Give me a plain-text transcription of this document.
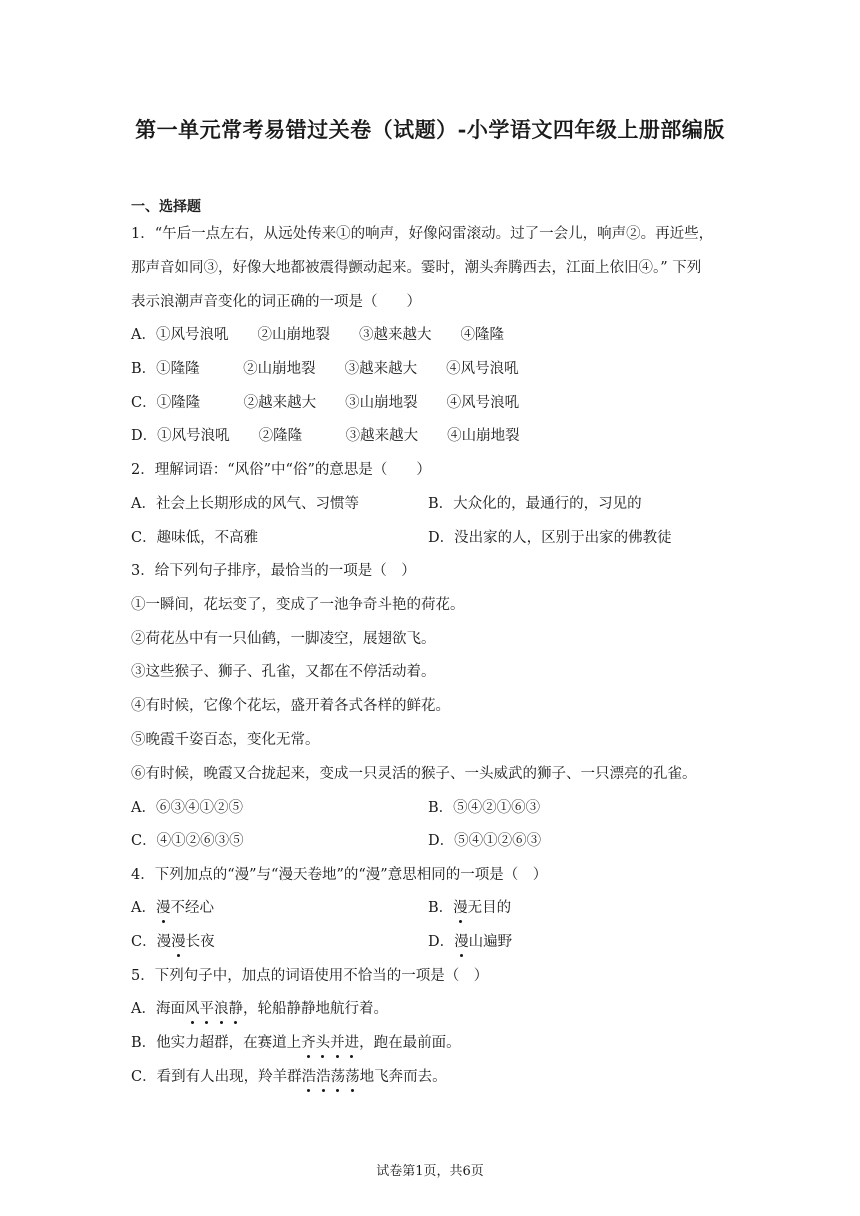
第一单元常考易错过关卷（试题）-小学语文四年级上册部编版
一、选择题
1．“午后一点左右，从远处传来①的响声，好像闷雷滚动。过了一会儿，响声②。再近些，
那声音如同③，好像大地都被震得颤动起来。霎时，潮头奔腾西去，江面上依旧④。” 下列
表示浪潮声音变化的词正确的一项是（　　）
A．①风号浪吼　　②山崩地裂　　③越来越大　　④隆隆
B．①隆隆　　　②山崩地裂　　③越来越大　　④风号浪吼
C．①隆隆　　　②越来越大　　③山崩地裂　　④风号浪吼
D．①风号浪吼　　②隆隆　　　③越来越大　　④山崩地裂
2．理解词语：“风俗”中“俗”的意思是（　　）
A．社会上长期形成的风气、习惯等	B．大众化的，最通行的，习见的
C．趣味低，不高雅	D．没出家的人，区别于出家的佛教徒
3．给下列句子排序，最恰当的一项是（　）
①一瞬间，花坛变了，变成了一池争奇斗艳的荷花。
②荷花丛中有一只仙鹤，一脚凌空，展翅欲飞。
③这些猴子、狮子、孔雀，又都在不停活动着。
④有时候，它像个花坛，盛开着各式各样的鲜花。
⑤晚霞千姿百态，变化无常。
⑥有时候，晚霞又合拢起来，变成一只灵活的猴子、一头威武的狮子、一只漂亮的孔雀。
A．⑥③④①②⑤	B．⑤④②①⑥③
C．④①②⑥③⑤	D．⑤④①②⑥③
4．下列加点的“漫”与“漫天卷地”的“漫”意思相同的一项是（　）
A．漫不经心	B．漫无目的
C．漫漫长夜	D．漫山遍野
5．下列句子中，加点的词语使用不恰当的一项是（　）
A．海面风平浪静，轮船静静地航行着。
B．他实力超群，在赛道上齐头并进，跑在最前面。
C．看到有人出现，羚羊群浩浩荡荡地飞奔而去。
试卷第1页，共6页
